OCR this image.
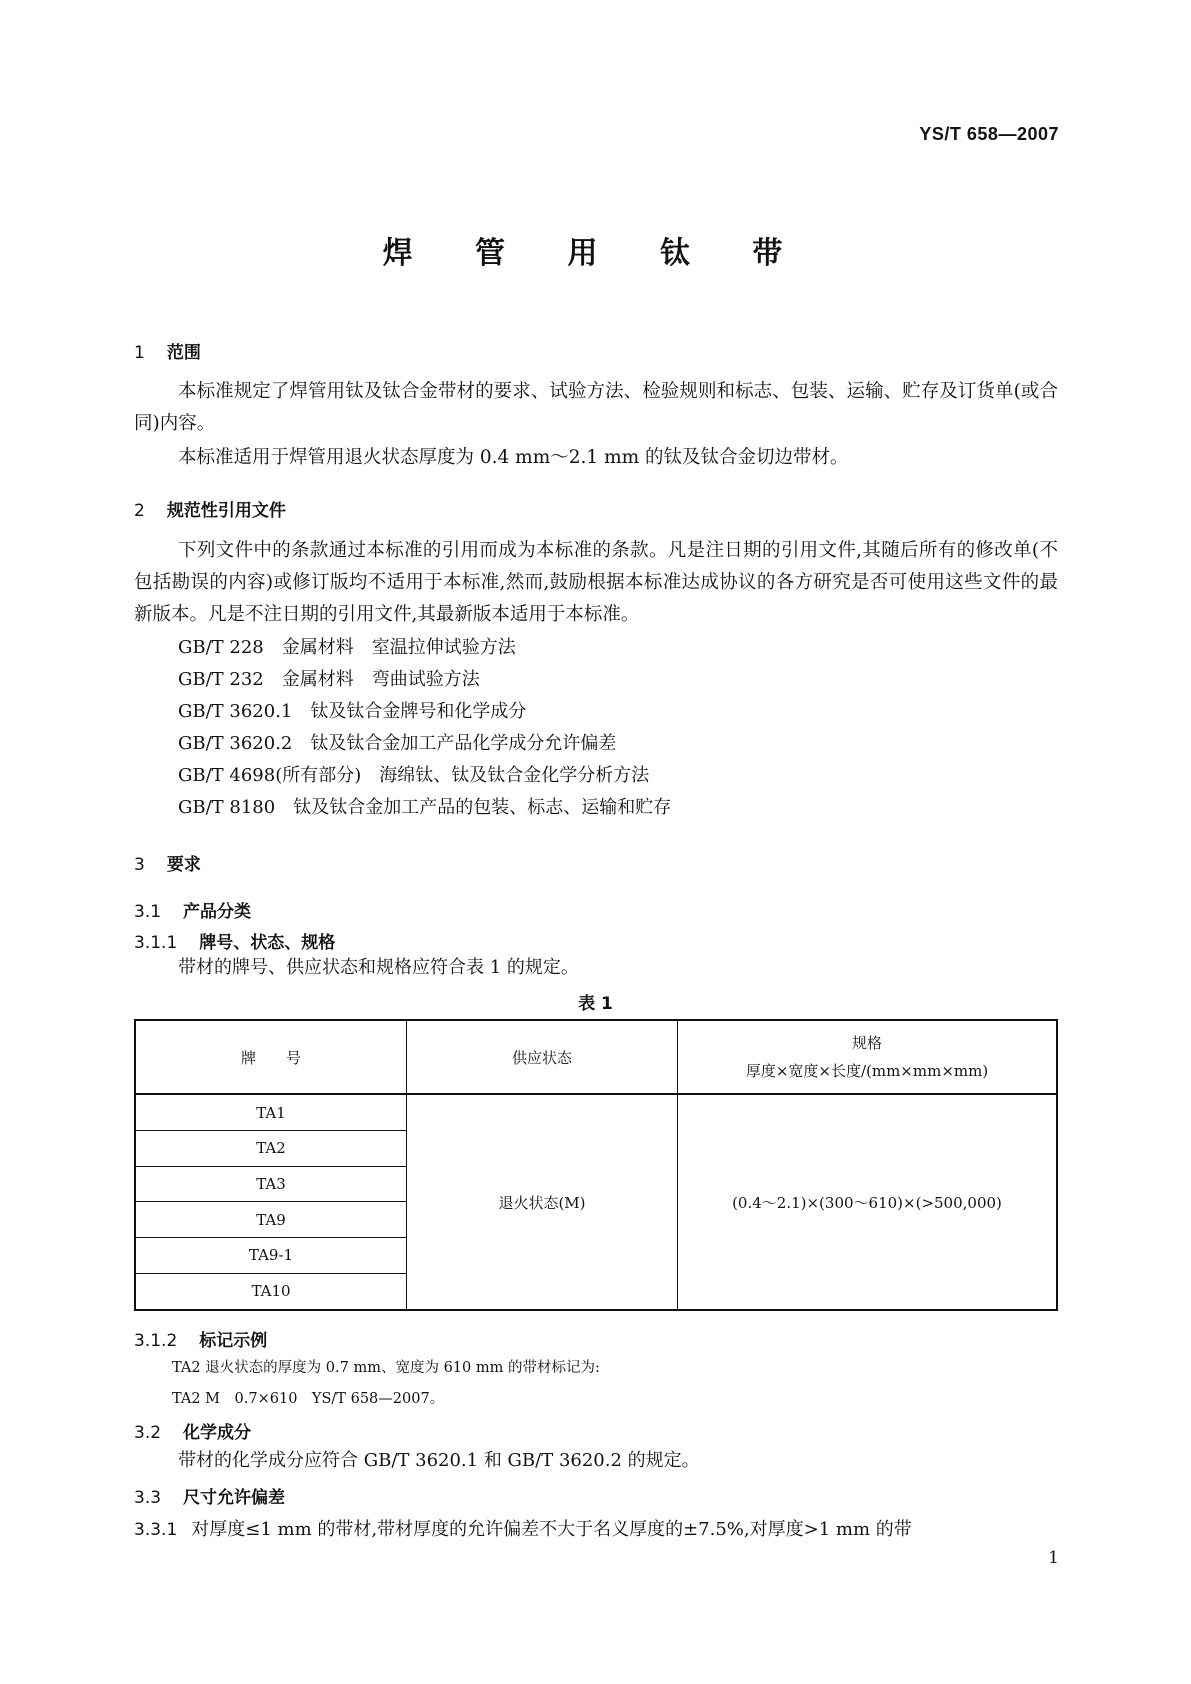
YS/T 658—2007
焊 管 用 钛 带
1 范围
本标准规定了焊管用钛及钛合金带材的要求、试验方法、检验规则和标志、包装、运输、贮存及订货单(或合同)内容。
本标准适用于焊管用退火状态厚度为 0.4 mm～2.1 mm 的钛及钛合金切边带材。
2 规范性引用文件
下列文件中的条款通过本标准的引用而成为本标准的条款。凡是注日期的引用文件,其随后所有的修改单(不包括勘误的内容)或修订版均不适用于本标准,然而,鼓励根据本标准达成协议的各方研究是否可使用这些文件的最新版本。凡是不注日期的引用文件,其最新版本适用于本标准。
GB/T 228　金属材料　室温拉伸试验方法
GB/T 232　金属材料　弯曲试验方法
GB/T 3620.1　钛及钛合金牌号和化学成分
GB/T 3620.2　钛及钛合金加工产品化学成分允许偏差
GB/T 4698(所有部分)　海绵钛、钛及钛合金化学分析方法
GB/T 8180　钛及钛合金加工产品的包装、标志、运输和贮存
3 要求
3.1 产品分类
3.1.1 牌号、状态、规格
带材的牌号、供应状态和规格应符合表 1 的规定。
表 1
牌　　号	供应状态	规格
厚度×宽度×长度/(mm×mm×mm)

TA1	退火状态(M)	(0.4～2.1)×(300～610)×(>500,000)
TA2		
TA3		
TA9		
TA9-1		
TA10		
3.1.2 标记示例
TA2 退火状态的厚度为 0.7 mm、宽度为 610 mm 的带材标记为:
TA2 M　0.7×610　YS/T 658—2007。
3.2 化学成分
带材的化学成分应符合 GB/T 3620.1 和 GB/T 3620.2 的规定。
3.3 尺寸允许偏差
3.3.1 对厚度≤1 mm 的带材,带材厚度的允许偏差不大于名义厚度的±7.5%,对厚度>1 mm 的带
1
